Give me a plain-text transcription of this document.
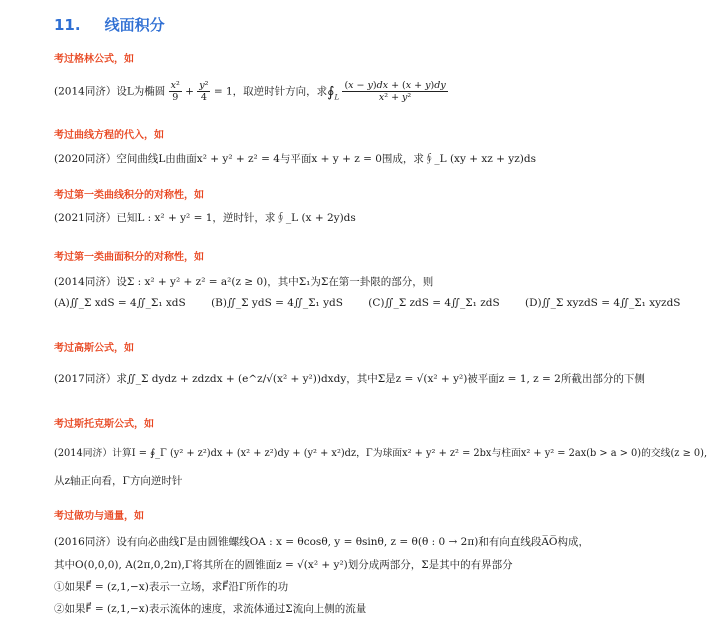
11. 线面积分
考过格林公式，如
(2014同济）设L为椭圆 $\frac{\text{x²}}{9} + \frac{\text{y²}}{4} = 1$，取逆时针方向，求$∮_L \frac{(x - y)dx + (x + y)dy}{\text{x² + y²}}$
考过曲线方程的代入，如
(2020同济）空间曲线L由曲面x² + y² + z² = 4与平面x + y + z = 0围成，求∮_L (xy + xz + yz)ds
考过第一类曲线积分的对称性，如
(2021同济）已知L : x² + y² = 1，逆时针，求∮_L (x + 2y)ds
考过第一类曲面积分的对称性，如
(2014同济）设Σ : x² + y² + z² = a²(z ≥ 0)，其中Σ₁为Σ在第一卦限的部分，则
(A)∬_Σ xdS = 4∬_Σ₁ xdS (B)∬_Σ ydS = 4∬_Σ₁ ydS (C)∬_Σ zdS = 4∬_Σ₁ zdS (D)∬_Σ xyzdS = 4∬_Σ₁ xyzdS
考过高斯公式，如
(2017同济）求∬_Σ dydz + zdzdx + (e^z/√(x² + y²))dxdy，其中Σ是z = √(x² + y²)被平面z = 1, z = 2所截出部分的下侧
考过斯托克斯公式，如
(2014同济）计算I = ∮_Γ (y² + z²)dx + (x² + z²)dy + (y² + x²)dz，Γ为球面x² + y² + z² = 2bx与柱面x² + y² = 2ax(b > a > 0)的交线(z ≥ 0),
从z轴正向看，Γ方向逆时针
考过做功与通量，如
(2016同济）设有向必曲线Γ是由圆锥螺线OA : x = θcosθ, y = θsinθ, z = θ(θ : 0 → 2π)和有向直线段A̅O̅构成，
其中O(0,0,0), A(2π,0,2π),Γ将其所在的圆锥面z = √(x² + y²)划分成两部分，Σ是其中的有界部分
①如果F⃗ = (z,1,−x)表示一立场，求F⃗沿Γ所作的功
②如果F⃗ = (z,1,−x)表示流体的速度，求流体通过Σ流向上侧的流量
